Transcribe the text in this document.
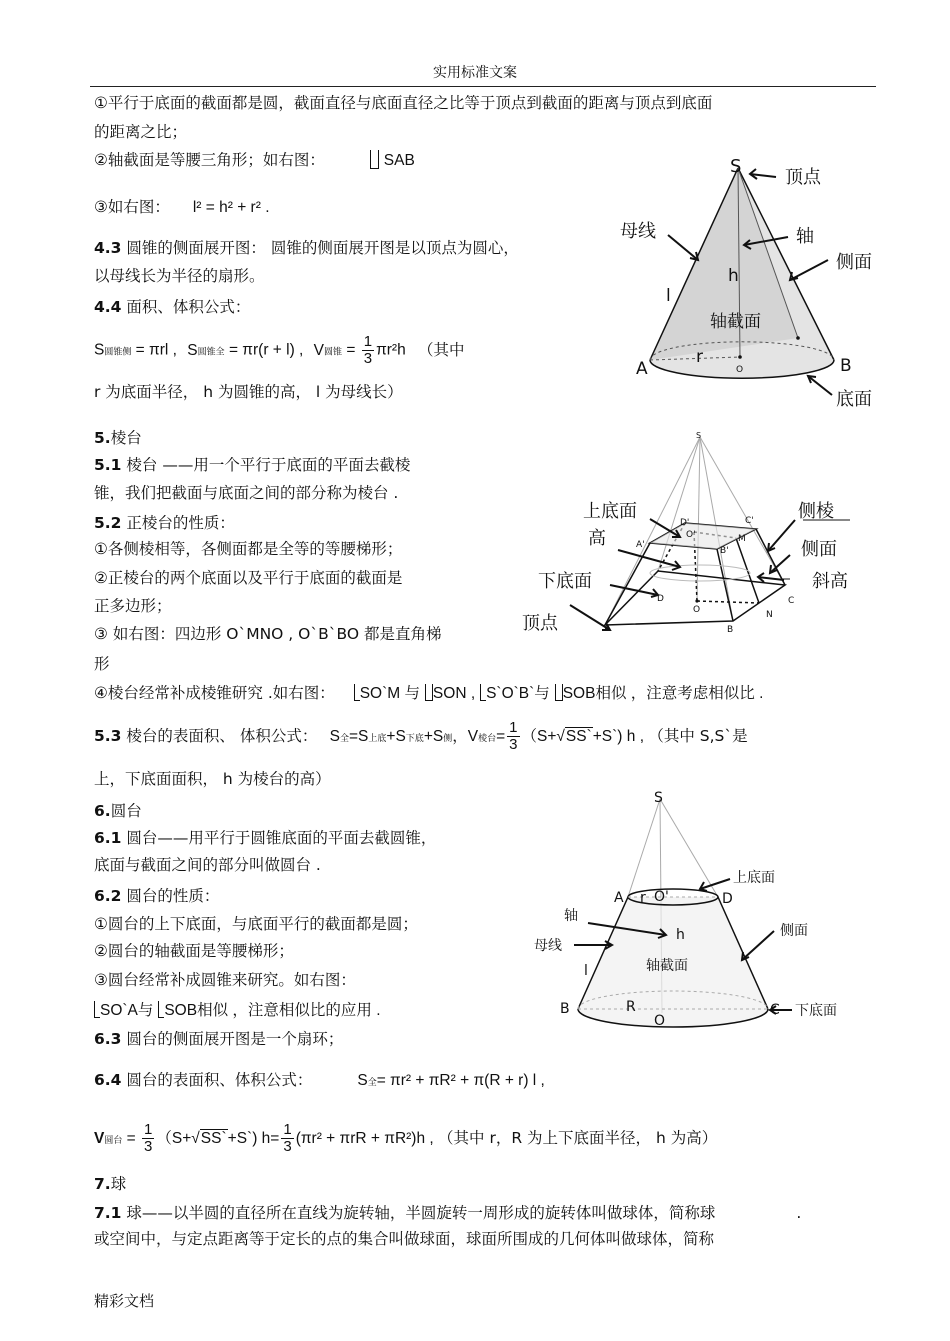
实用标准文案
①平行于底面的截面都是圆，截面直径与底面直径之比等于顶点到截面的距离与顶点到底面
的距离之比；
②轴截面是等腰三角形；如右图：	SAB
③如右图： l² = h² + r² .
4.3 圆锥的侧面展开图： 圆锥的侧面展开图是以顶点为圆心，
以母线长为半径的扇形。
4.4 面积、体积公式：
S圆锥侧 = πrl , S圆锥全 = πr(r + l) , V圆锥 = $\frac{1}{3} \pi r^2h$ （其中
r 为底面半径， h 为圆锥的高， l 为母线长）
5.棱台
5.1 棱台 ——用一个平行于底面的平面去截棱
锥，我们把截面与底面之间的部分称为棱台 .
5.2 正棱台的性质：
①各侧棱相等，各侧面都是全等的等腰梯形；
②正棱台的两个底面以及平行于底面的截面是
正多边形；
③ 如右图：四边形 O`MNO , O`B`BO 都是直角梯
形
④棱台经常补成棱锥研究 .如右图： SO`M 与 SON , S`O`B`与 SOB相似 ，注意考虑相似比 .
5.3 棱台的表面积、 体积公式： S全=S上底+S下底+S侧，V棱台= $\frac{1}{3}$ （S+√SS`+S`) h , （其中 S,S`是
上，下底面面积， h 为棱台的高）
6.圆台
6.1 圆台——用平行于圆锥底面的平面去截圆锥，
底面与截面之间的部分叫做圆台 .
6.2 圆台的性质：
①圆台的上下底面，与底面平行的截面都是圆；
②圆台的轴截面是等腰梯形；
③圆台经常补成圆锥来研究。如右图：
SO`A与 SOB相似 ，注意相似比的应用 .
6.3 圆台的侧面展开图是一个扇环；
6.4 圆台的表面积、体积公式：	S全= πr² + πR² + π(R + r) l ,
V圆台 = $\frac{1}{3}$ （S+√SS`+S`) $h= \frac{1}{3} (\pi r^2 + \pi rR + \pi R^2)h$ , （其中 r，R 为上下底面半径， h 为高）
7.球
7.1 球——以半圆的直径所在直线为旋转轴，半圆旋转一周形成的旋转体叫做球体，简称球	.
或空间中，与定点距离等于定长的点的集合叫做球面，球面所围成的几何体叫做球体，简称
精彩文档
S
顶点
母线	轴
侧面
h
l
轴截面
r
A	O	B
底面
S
上底面	侧棱
高
侧面
下底面	斜高
顶点
D'	C'
O'	M
A'
B'
D	C
O	N
A	B
S
上底面
A r O'	D
轴
侧面
h
母线
l	轴截面
B	R	C 下底面
O
